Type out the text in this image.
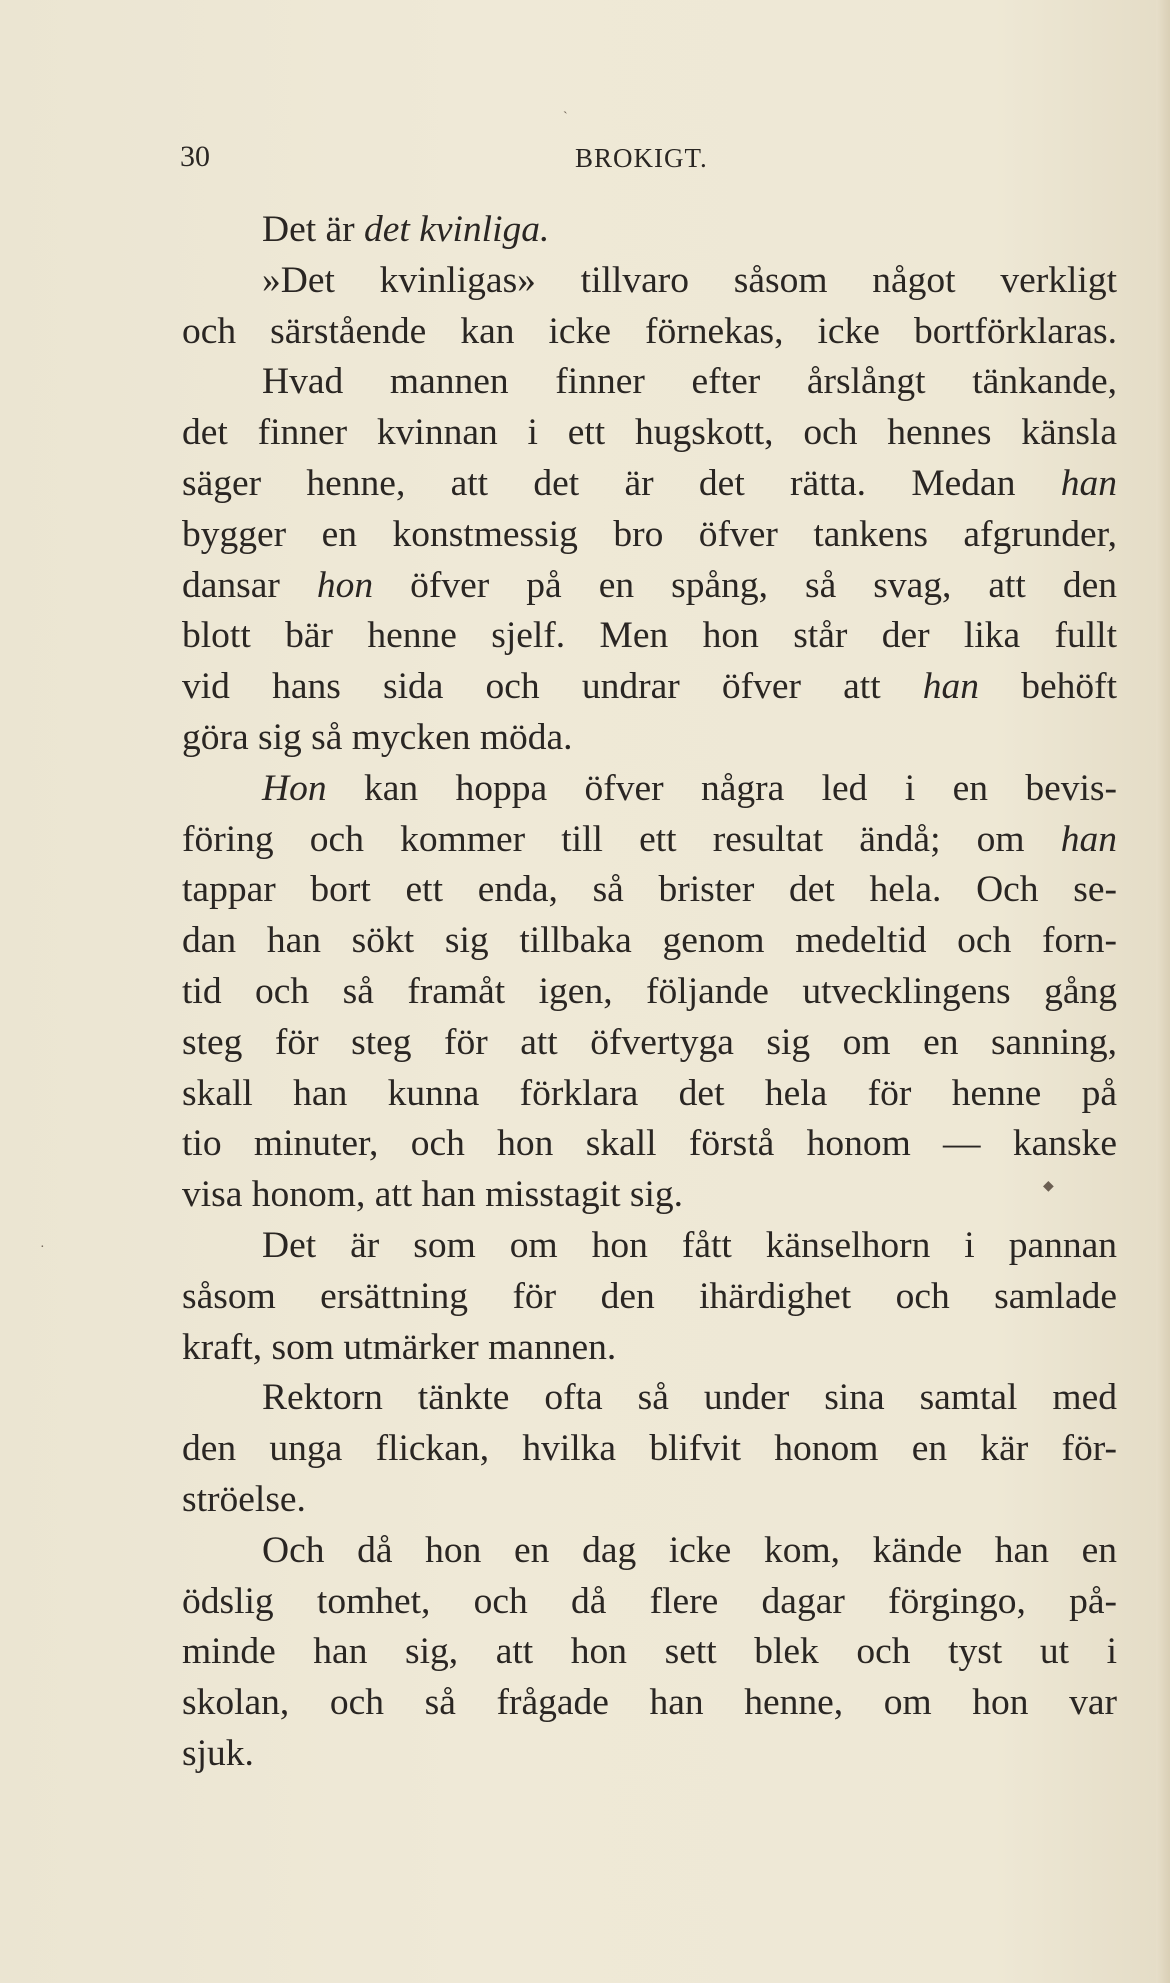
30	BROKIGT.
Det är det kvinliga.
»Det kvinligas» tillvaro såsom något verkligt
och särstående kan icke förnekas, icke bortförklaras.
Hvad mannen finner efter årslångt tänkande,
det finner kvinnan i ett hugskott, och hennes känsla
säger henne, att det är det rätta. Medan han
bygger en konstmessig bro öfver tankens afgrunder,
dansar hon öfver på en spång, så svag, att den
blott bär henne sjelf. Men hon står der lika fullt
vid hans sida och undrar öfver att han behöft
göra sig så mycken möda.
Hon kan hoppa öfver några led i en bevis-
föring och kommer till ett resultat ändå; om han
tappar bort ett enda, så brister det hela. Och se-
dan han sökt sig tillbaka genom medeltid och forn-
tid och så framåt igen, följande utvecklingens gång
steg för steg för att öfvertyga sig om en sanning,
skall han kunna förklara det hela för henne på
tio minuter, och hon skall förstå honom — kanske
visa honom, att han misstagit sig.
Det är som om hon fått känselhorn i pannan
såsom ersättning för den ihärdighet och samlade
kraft, som utmärker mannen.
Rektorn tänkte ofta så under sina samtal med
den unga flickan, hvilka blifvit honom en kär för-
ströelse.
Och då hon en dag icke kom, kände han en
ödslig tomhet, och då flere dagar förgingo, på-
minde han sig, att hon sett blek och tyst ut i
skolan, och så frågade han henne, om hon var
sjuk.
`
◆
·
